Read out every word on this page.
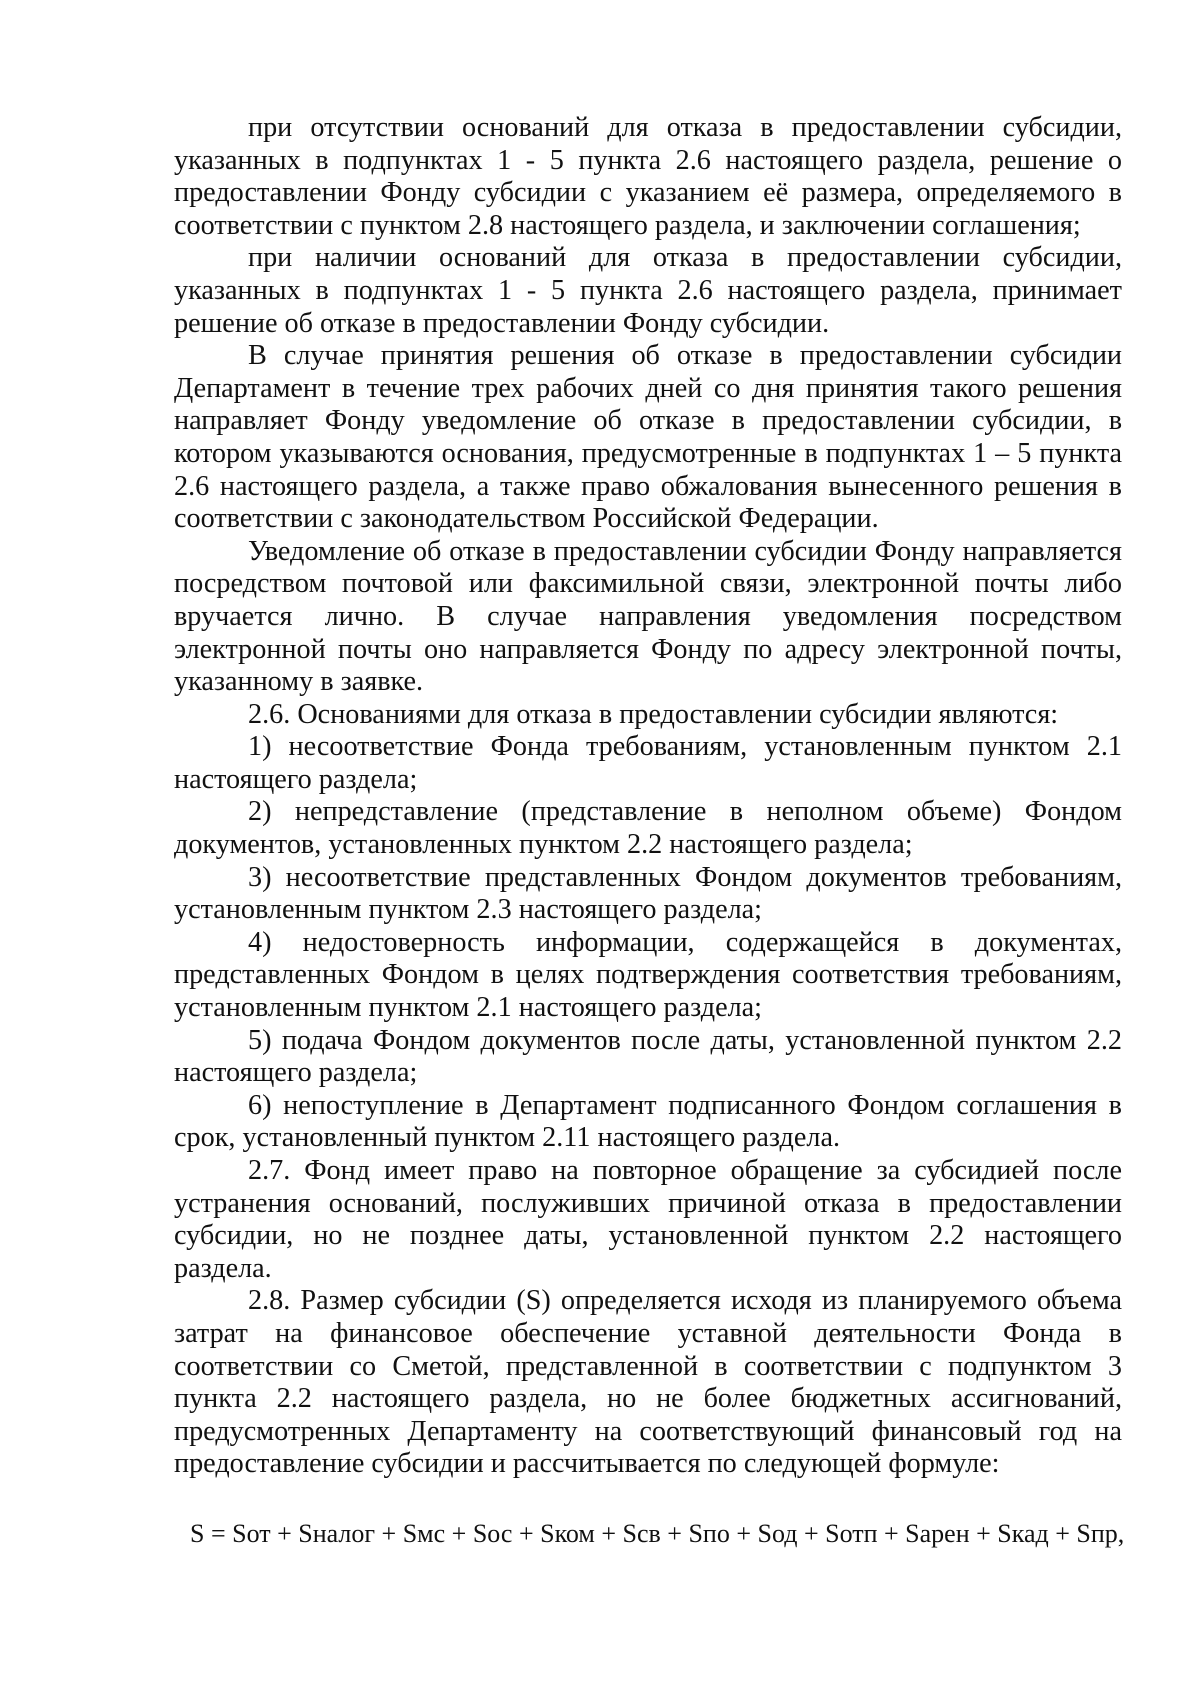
при отсутствии оснований для отказа в предоставлении субсидии, указанных в подпунктах 1 - 5 пункта 2.6 настоящего раздела, решение о предоставлении Фонду субсидии с указанием её размера, определяемого в соответствии с пунктом 2.8 настоящего раздела, и заключении соглашения;

при наличии оснований для отказа в предоставлении субсидии, указанных в подпунктах 1 - 5 пункта 2.6 настоящего раздела, принимает решение об отказе в предоставлении Фонду субсидии.

В случае принятия решения об отказе в предоставлении субсидии Департамент в течение трех рабочих дней со дня принятия такого решения направляет Фонду уведомление об отказе в предоставлении субсидии, в котором указываются основания, предусмотренные в подпунктах 1 – 5 пункта 2.6 настоящего раздела, а также право обжалования вынесенного решения в соответствии с законодательством Российской Федерации.

Уведомление об отказе в предоставлении субсидии Фонду направляется посредством почтовой или факсимильной связи, электронной почты либо вручается лично. В случае направления уведомления посредством электронной почты оно направляется Фонду по адресу электронной почты, указанному в заявке.

2.6. Основаниями для отказа в предоставлении субсидии являются:

1) несоответствие Фонда требованиям, установленным пунктом 2.1 настоящего раздела;

2) непредставление (представление в неполном объеме) Фондом документов, установленных пунктом 2.2 настоящего раздела;

3) несоответствие представленных Фондом документов требованиям, установленным пунктом 2.3 настоящего раздела;

4) недостоверность информации, содержащейся в документах, представленных Фондом в целях подтверждения соответствия требованиям, установленным пунктом 2.1 настоящего раздела;

5) подача Фондом документов после даты, установленной пунктом 2.2 настоящего раздела;

6) непоступление в Департамент подписанного Фондом соглашения в срок, установленный пунктом 2.11 настоящего раздела.

2.7. Фонд имеет право на повторное обращение за субсидией после устранения оснований, послуживших причиной отказа в предоставлении субсидии, но не позднее даты, установленной пунктом 2.2 настоящего раздела.

2.8. Размер субсидии (S) определяется исходя из планируемого объема затрат на финансовое обеспечение уставной деятельности Фонда в соответствии со Сметой, представленной в соответствии с подпунктом 3 пункта 2.2 настоящего раздела, но не более бюджетных ассигнований, предусмотренных Департаменту на соответствующий финансовый год на предоставление субсидии и рассчитывается по следующей формуле:

S = Sот + Sналог + Sмс + Sос + Sком + Sсв + Sпо + Sод + Sотп + Sарен + Sкад + Sпр,
